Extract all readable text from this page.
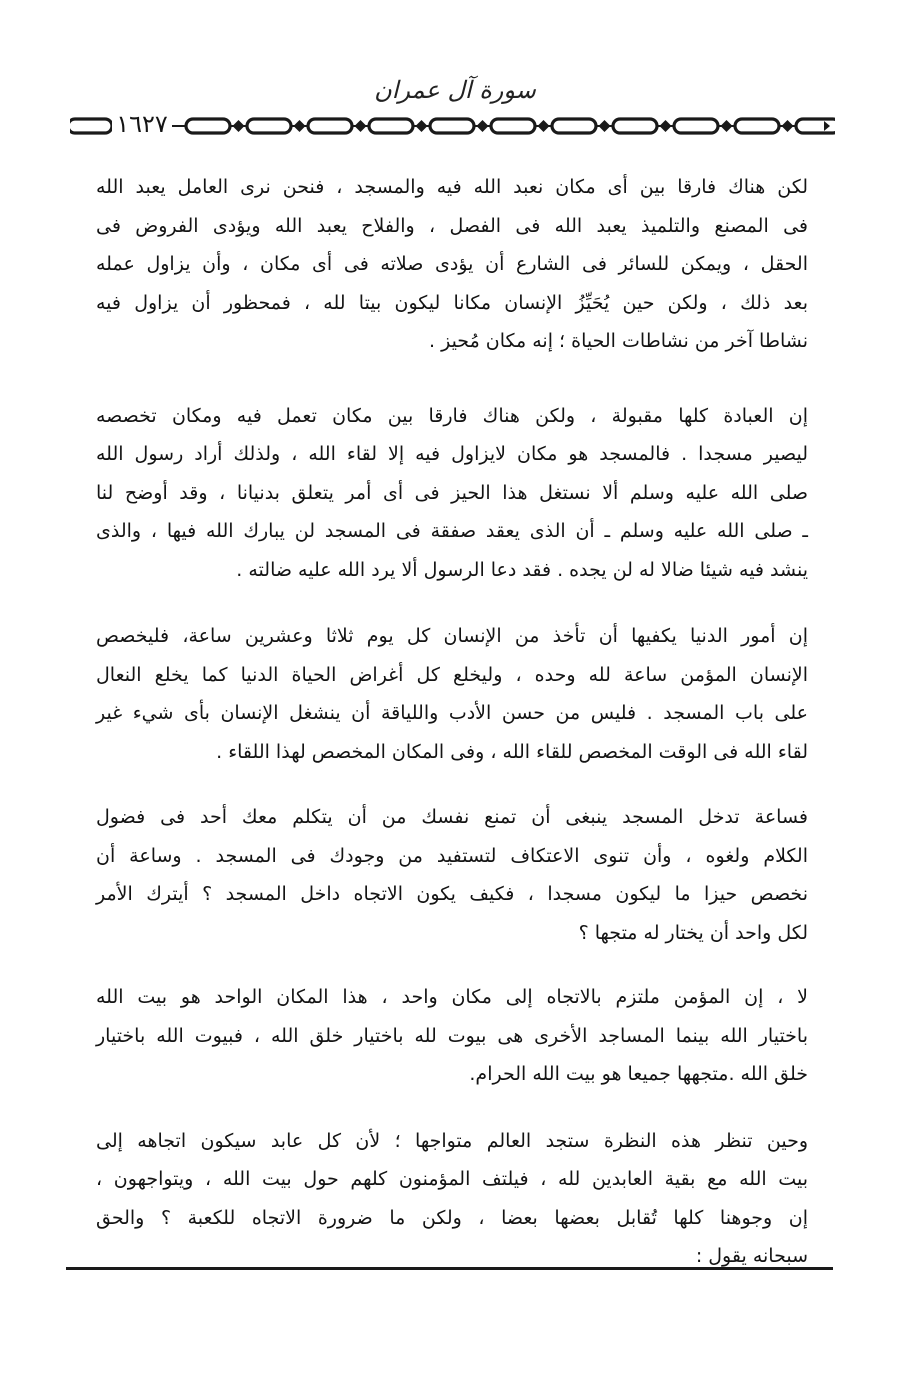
سورة آل عمران
١٦٢٧

لكن هناك فارقا بين أى مكان نعبد الله فيه والمسجد ، فنحن نرى العامل يعبد الله
فى المصنع والتلميذ يعبد الله فى الفصل ، والفلاح يعبد الله ويؤدى الفروض فى
الحقل ، ويمكن للسائر فى الشارع أن يؤدى صلاته فى أى مكان ، وأن يزاول عمله
بعد ذلك ، ولكن حين يُحَيِّزُ الإنسان مكانا ليكون بيتا لله ، فمحظور أن يزاول فيه
نشاطا آخر من نشاطات الحياة ؛ إنه مكان مُحيز .

إن العبادة كلها مقبولة ، ولكن هناك فارقا بين مكان تعمل فيه ومكان تخصصه
ليصير مسجدا . فالمسجد هو مكان لايزاول فيه إلا لقاء الله ، ولذلك أراد رسول الله
صلى الله عليه وسلم ألا نستغل هذا الحيز فى أى أمر يتعلق بدنيانا ، وقد أوضح لنا
ـ صلى الله عليه وسلم ـ أن الذى يعقد صفقة فى المسجد لن يبارك الله فيها ، والذى
ينشد فيه شيئا ضالا له لن يجده . فقد دعا الرسول ألا يرد الله عليه ضالته .

إن أمور الدنيا يكفيها أن تأخذ من الإنسان كل يوم ثلاثا وعشرين ساعة، فليخصص
الإنسان المؤمن ساعة لله وحده ، وليخلع كل أغراض الحياة الدنيا كما يخلع النعال
على باب المسجد . فليس من حسن الأدب واللياقة أن ينشغل الإنسان بأى شيء غير
لقاء الله فى الوقت المخصص للقاء الله ، وفى المكان المخصص لهذا اللقاء .

فساعة تدخل المسجد ينبغى أن تمنع نفسك من أن يتكلم معك أحد فى فضول
الكلام ولغوه ، وأن تنوى الاعتكاف لتستفيد من وجودك فى المسجد . وساعة أن
نخصص حيزا ما ليكون مسجدا ، فكيف يكون الاتجاه داخل المسجد ؟ أيترك الأمر
لكل واحد أن يختار له متجها ؟

لا ، إن المؤمن ملتزم بالاتجاه إلى مكان واحد ، هذا المكان الواحد هو بيت الله
باختيار الله بينما المساجد الأخرى هى بيوت لله باختيار خلق الله ، فبيوت الله باختيار
خلق الله .متجهها جميعا هو بيت الله الحرام.

وحين تنظر هذه النظرة ستجد العالم متواجها ؛ لأن كل عابد سيكون اتجاهه إلى
بيت الله مع بقية العابدين لله ، فيلتف المؤمنون كلهم حول بيت الله ، ويتواجهون ،
إن وجوهنا كلها تُقابل بعضها بعضا ، ولكن ما ضرورة الاتجاه للكعبة ؟ والحق
سبحانه يقول :
